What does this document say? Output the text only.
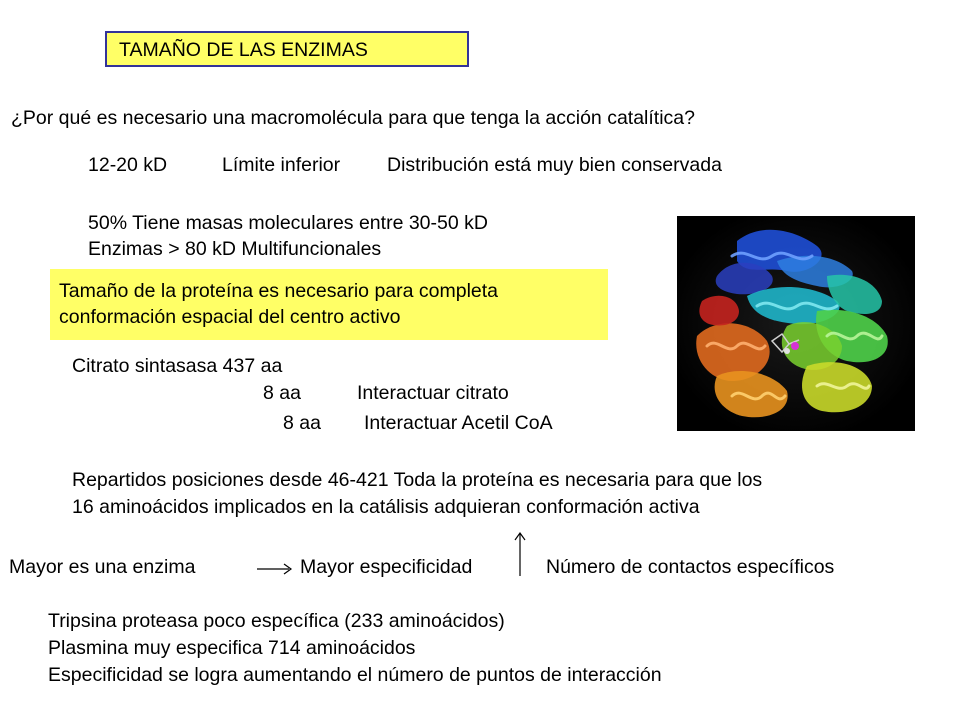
TAMAÑO DE LAS ENZIMAS
¿Por qué es necesario una macromolécula para que tenga la acción catalítica?
12-20 kD	Límite inferior Distribución está muy bien conservada
50% Tiene masas moleculares entre 30-50 kD
Enzimas > 80 kD Multifuncionales
Tamaño de la proteína es necesario para completa
conformación espacial del centro activo
Citrato sintasasa 437 aa
8 aa	Interactuar citrato
8 aa Interactuar Acetil CoA
Repartidos posiciones desde 46-421 Toda la proteína es necesaria para que los
16 aminoácidos implicados en la catálisis adquieran conformación activa
Mayor es una enzima	Mayor especificidad	Número de contactos específicos
Tripsina proteasa poco específica (233 aminoácidos)
Plasmina muy especifica 714 aminoácidos
Especificidad se logra aumentando el número de puntos de interacción
